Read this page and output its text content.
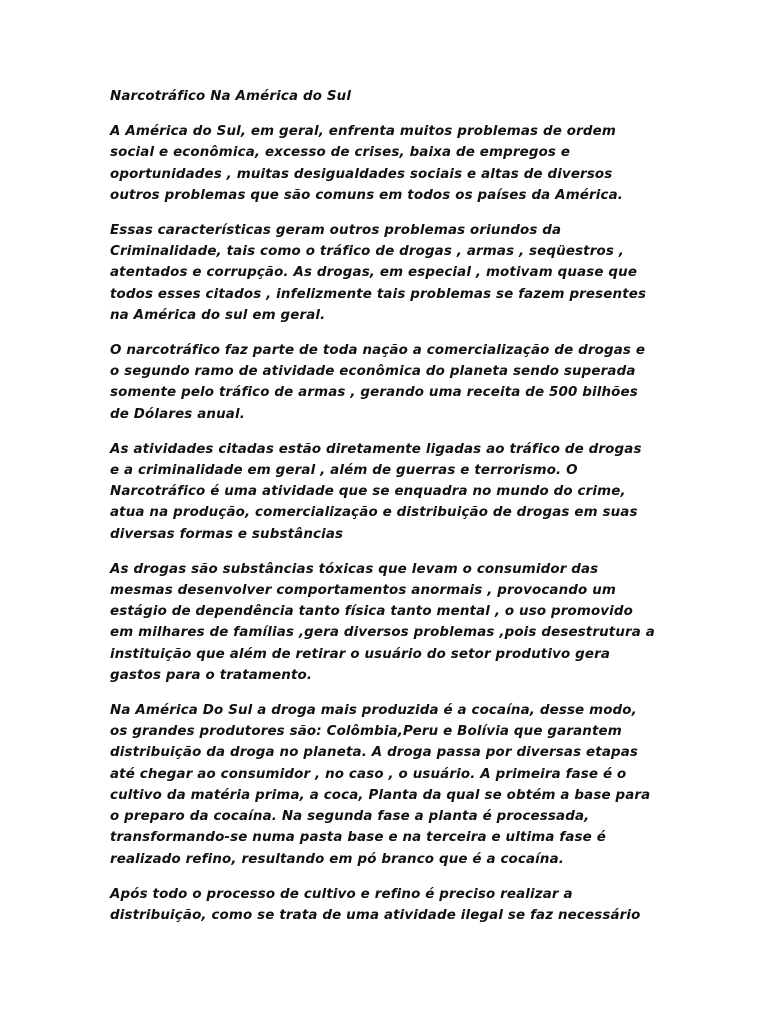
Narcotráfico Na América do Sul
A América do Sul, em geral, enfrenta muitos problemas de ordem
social e econômica, excesso de crises, baixa de empregos e
oportunidades , muitas desigualdades sociais e altas de diversos
outros problemas que são comuns em todos os países da América.
Essas características geram outros problemas oriundos da
Criminalidade, tais como o tráfico de drogas , armas , seqüestros ,
atentados e corrupção. As drogas, em especial , motivam quase que
todos esses citados , infelizmente tais problemas se fazem presentes
na América do sul em geral.
O narcotráfico faz parte de toda nação a comercialização de drogas e
o segundo ramo de atividade econômica do planeta sendo superada
somente pelo tráfico de armas , gerando uma receita de 500 bilhões
de Dólares anual.
As atividades citadas estão diretamente ligadas ao tráfico de drogas
e a criminalidade em geral , além de guerras e terrorismo. O
Narcotráfico é uma atividade que se enquadra no mundo do crime,
atua na produção, comercialização e distribuição de drogas em suas
diversas formas e substâncias
As drogas são substâncias tóxicas que levam o consumidor das
mesmas desenvolver comportamentos anormais , provocando um
estágio de dependência tanto física tanto mental , o uso promovido
em milhares de famílias ,gera diversos problemas ,pois desestrutura a
instituição que além de retirar o usuário do setor produtivo gera
gastos para o tratamento.
Na América Do Sul a droga mais produzida é a cocaína, desse modo,
os grandes produtores são: Colômbia,Peru e Bolívia que garantem
distribuição da droga no planeta. A droga passa por diversas etapas
até chegar ao consumidor , no caso , o usuário. A primeira fase é o
cultivo da matéria prima, a coca, Planta da qual se obtém a base para
o preparo da cocaína. Na segunda fase a planta é processada,
transformando-se numa pasta base e na terceira e ultima fase é
realizado refino, resultando em pó branco que é a cocaína.
Após todo o processo de cultivo e refino é preciso realizar a
distribuição, como se trata de uma atividade ilegal se faz necessário
